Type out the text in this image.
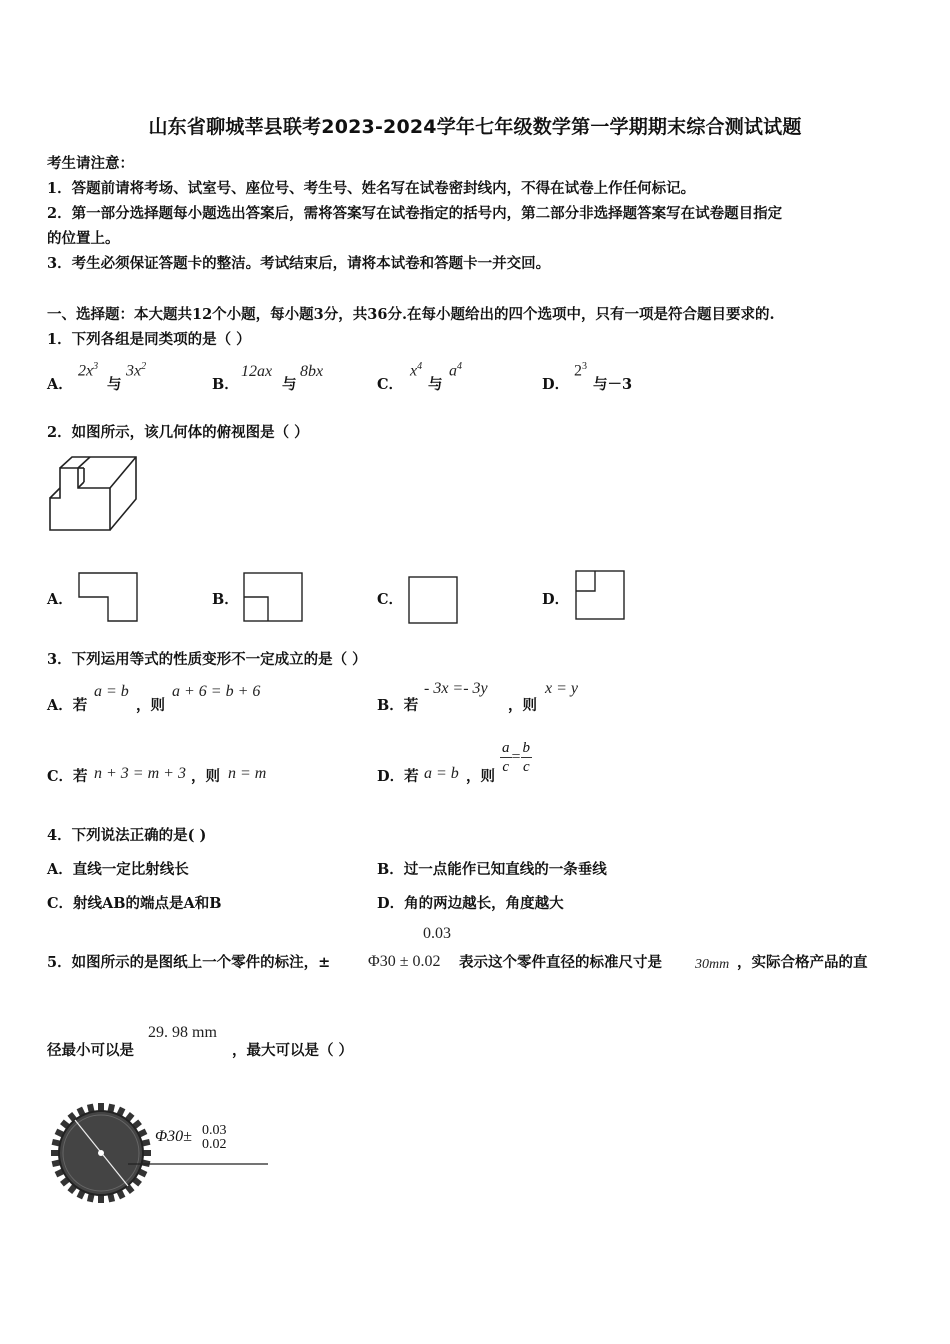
山东省聊城莘县联考2023-2024学年七年级数学第一学期期末综合测试试题
考生请注意：
1．答题前请将考场、试室号、座位号、考生号、姓名写在试卷密封线内，不得在试卷上作任何标记。
2．第一部分选择题每小题选出答案后，需将答案写在试卷指定的括号内，第二部分非选择题答案写在试卷题目指定
的位置上。
3．考生必须保证答题卡的整洁。考试结束后，请将本试卷和答题卡一并交回。
一、选择题：本大题共12个小题，每小题3分，共36分.在每小题给出的四个选项中，只有一项是符合题目要求的.
1．下列各组是同类项的是（ ）
A．
$2x^3$
与
$3x^2$
B．
12ax
与
8bx
C．
$x^4$
与
$a^4$
D．
$2^3$
与－3
2．如图所示，该几何体的俯视图是（ ）
A．	B．	C．	D．
3．下列运用等式的性质变形不一定成立的是（ ）
A．若
a = b
，则
a + 6 = b + 6
B．若
- 3x =- 3y
，则
x = y
C．若 n + 3 = m + 3 ，则 n = m	D．若 a = b ，则
$\frac{a}{c} = \frac{b}{c}$
4．下列说法正确的是( )
A．直线一定比射线长	B．过一点能作已知直线的一条垂线
C．射线AB的端点是A和B	D．角的两边越长，角度越大
0.03
5．如图所示的是图纸上一个零件的标注，± Φ30 ± 0.02 表示这个零件直径的标准尺寸是 30mm ，实际合格产品的直
径最小可以是
29. 98 mm
，最大可以是（ ）
Φ30± 0.03
0.02
